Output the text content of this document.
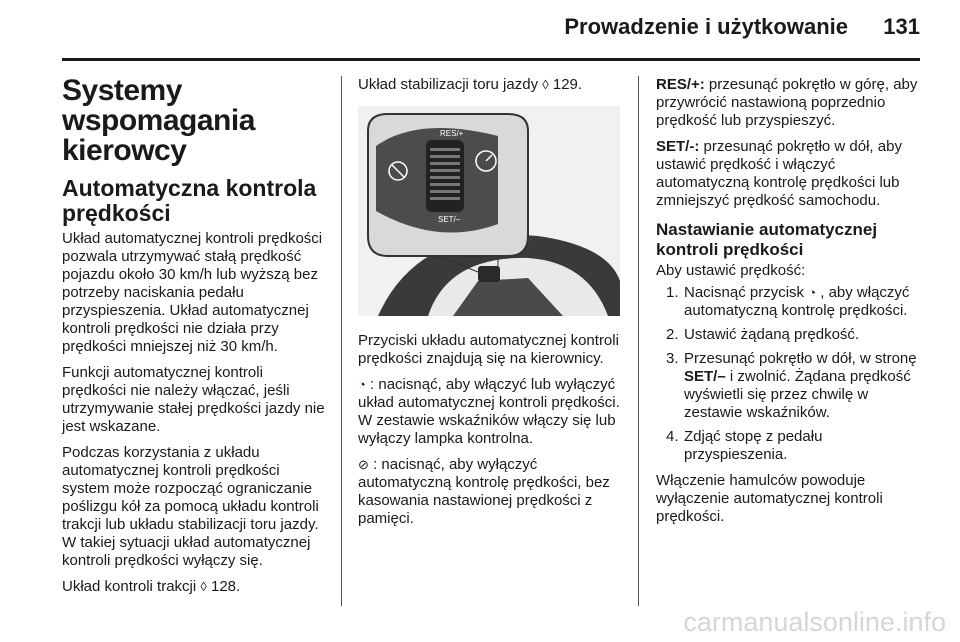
Prowadzenie i użytkowanie 131
Systemy wspomagania kierowcy
Automatyczna kontrola prędkości

Układ automatycznej kontroli prędkości pozwala utrzymywać stałą prędkość pojazdu około 30 km/h lub wyższą bez potrzeby naciskania pedału przyspieszenia. Układ automatycznej kontroli prędkości nie działa przy prędkości mniejszej niż 30 km/h.

Funkcji automatycznej kontroli prędkości nie należy włączać, jeśli utrzymywanie stałej prędkości jazdy nie jest wskazane.

Podczas korzystania z układu automatycznej kontroli prędkości system może rozpocząć ograniczanie poślizgu kół za pomocą układu kontroli trakcji lub układu stabilizacji toru jazdy. W takiej sytuacji układ automatycznej kontroli prędkości wyłączy się.

Układ kontroli trakcji ◊ 128.

Układ stabilizacji toru jazdy ◊ 129.

RES/+
SET/–

Przyciski układu automatycznej kontroli prędkości znajdują się na kierownicy.

◔ : nacisnąć, aby włączyć lub wyłączyć układ automatycznej kontroli prędkości. W zestawie wskaźników włączy się lub wyłączy lampka kontrolna.

⊘ : nacisnąć, aby wyłączyć automatyczną kontrolę prędkości, bez kasowania nastawionej prędkości z pamięci.

RES/+: przesunąć pokrętło w górę, aby przywrócić nastawioną poprzednio prędkość lub przyspieszyć.

SET/-: przesunąć pokrętło w dół, aby ustawić prędkość i włączyć automatyczną kontrolę prędkości lub zmniejszyć prędkość samochodu.

Nastawianie automatycznej kontroli prędkości

Aby ustawić prędkość:

1. Nacisnąć przycisk ◔ , aby włączyć automatyczną kontrolę prędkości.
2. Ustawić żądaną prędkość.
3. Przesunąć pokrętło w dół, w stronę SET/– i zwolnić. Żądana prędkość wyświetli się przez chwilę w zestawie wskaźników.
4. Zdjąć stopę z pedału przyspieszenia.

Włączenie hamulców powoduje wyłączenie automatycznej kontroli prędkości.

carmanualsonline.info
